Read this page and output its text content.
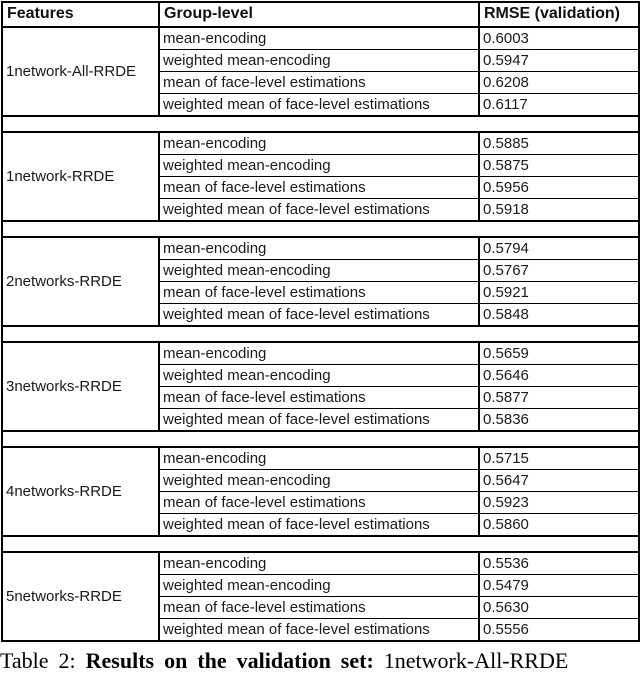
Features	Group-level	RMSE (validation)
1network-All-RRDE	mean-encoding	0.6003
	weighted mean-encoding	0.5947
	mean of face-level estimations	0.6208
	weighted mean of face-level estimations	0.6117

1network-RRDE	mean-encoding	0.5885
	weighted mean-encoding	0.5875
	mean of face-level estimations	0.5956
	weighted mean of face-level estimations	0.5918

2networks-RRDE	mean-encoding	0.5794
	weighted mean-encoding	0.5767
	mean of face-level estimations	0.5921
	weighted mean of face-level estimations	0.5848

3networks-RRDE	mean-encoding	0.5659
	weighted mean-encoding	0.5646
	mean of face-level estimations	0.5877
	weighted mean of face-level estimations	0.5836

4networks-RRDE	mean-encoding	0.5715
	weighted mean-encoding	0.5647
	mean of face-level estimations	0.5923
	weighted mean of face-level estimations	0.5860

5networks-RRDE	mean-encoding	0.5536
	weighted mean-encoding	0.5479
	mean of face-level estimations	0.5630
	weighted mean of face-level estimations	0.5556
Table 2: Results on the validation set: 1network-All-RRDE
